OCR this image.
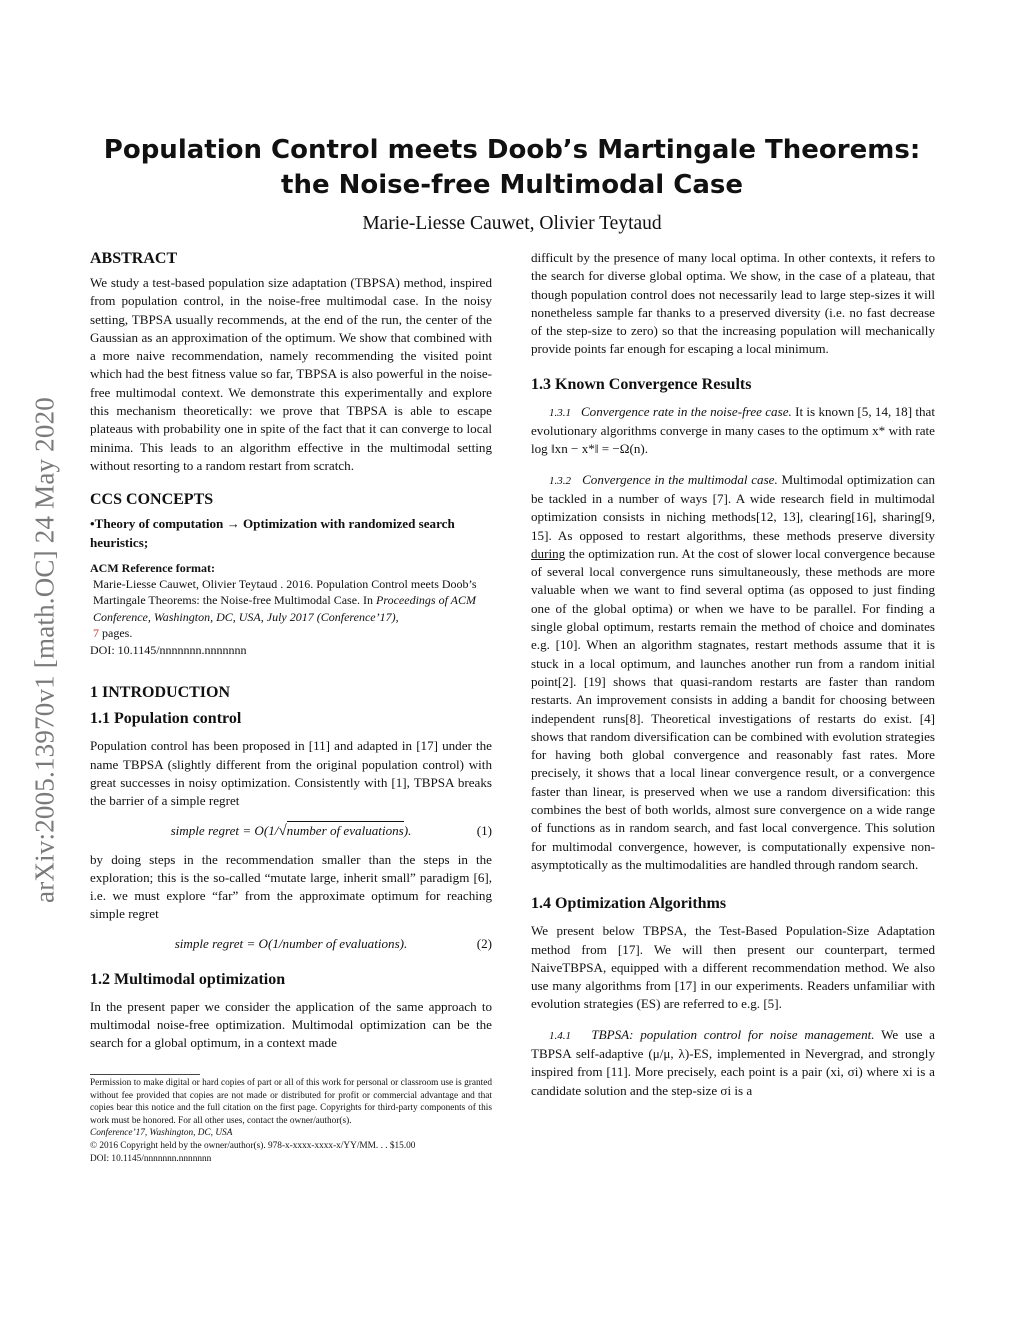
arXiv:2005.13970v1 [math.OC] 24 May 2020
Population Control meets Doob’s Martingale Theorems: the Noise-free Multimodal Case
Marie-Liesse Cauwet, Olivier Teytaud
ABSTRACT

We study a test-based population size adaptation (TBPSA) method, inspired from population control, in the noise-free multimodal case. In the noisy setting, TBPSA usually recommends, at the end of the run, the center of the Gaussian as an approximation of the optimum. We show that combined with a more naive recommendation, namely recommending the visited point which had the best fitness value so far, TBPSA is also powerful in the noise-free multimodal context. We demonstrate this experimentally and explore this mechanism theoretically: we prove that TBPSA is able to escape plateaus with probability one in spite of the fact that it can converge to local minima. This leads to an algorithm effective in the multimodal setting without resorting to a random restart from scratch.

CCS CONCEPTS
•Theory of computation → Optimization with randomized search heuristics;
ACM Reference format:
Marie-Liesse Cauwet, Olivier Teytaud . 2016. Population Control meets Doob’s Martingale Theorems: the Noise-free Multimodal Case. In Proceedings of ACM Conference, Washington, DC, USA, July 2017 (Conference’17),
7 pages.
DOI: 10.1145/nnnnnnn.nnnnnnn
1 INTRODUCTION
1.1 Population control

Population control has been proposed in [11] and adapted in [17] under the name TBPSA (slightly different from the original population control) with great successes in noisy optimization. Consistently with [1], TBPSA breaks the barrier of a simple regret

simple regret = O(1/√number of evaluations).	(1)

by doing steps in the recommendation smaller than the steps in the exploration; this is the so-called “mutate large, inherit small” paradigm [6], i.e. we must explore “far” from the approximate optimum for reaching simple regret

simple regret = O(1/number of evaluations).	(2)
1.2 Multimodal optimization

In the present paper we consider the application of the same approach to multimodal noise-free optimization. Multimodal optimization can be the search for a global optimum, in a context made

Permission to make digital or hard copies of part or all of this work for personal or classroom use is granted without fee provided that copies are not made or distributed for profit or commercial advantage and that copies bear this notice and the full citation on the first page. Copyrights for third-party components of this work must be honored. For all other uses, contact the owner/author(s).
Conference’17, Washington, DC, USA
© 2016 Copyright held by the owner/author(s). 978-x-xxxx-xxxx-x/YY/MM. . . $15.00
DOI: 10.1145/nnnnnnn.nnnnnnn

difficult by the presence of many local optima. In other contexts, it refers to the search for diverse global optima. We show, in the case of a plateau, that though population control does not necessarily lead to large step-sizes it will nonetheless sample far thanks to a preserved diversity (i.e. no fast decrease of the step-size to zero) so that the increasing population will mechanically provide points far enough for escaping a local minimum.

1.3 Known Convergence Results

1.3.1 Convergence rate in the noise-free case. It is known [5, 14, 18] that evolutionary algorithms converge in many cases to the optimum x* with rate log ‖xn − x*‖ = −Ω(n).

1.3.2 Convergence in the multimodal case. Multimodal optimization can be tackled in a number of ways [7]. A wide research field in multimodal optimization consists in niching methods[12, 13], clearing[16], sharing[9, 15]. As opposed to restart algorithms, these methods preserve diversity during the optimization run. At the cost of slower local convergence because of several local convergence runs simultaneously, these methods are more valuable when we want to find several optima (as opposed to just finding one of the global optima) or when we have to be parallel. For finding a single global optimum, restarts remain the method of choice and dominates e.g. [10]. When an algorithm stagnates, restart methods assume that it is stuck in a local optimum, and launches another run from a random initial point[2]. [19] shows that quasi-random restarts are faster than random restarts. An improvement consists in adding a bandit for choosing between independent runs[8]. Theoretical investigations of restarts do exist. [4] shows that random diversification can be combined with evolution strategies for having both global convergence and reasonably fast rates. More precisely, it shows that a local linear convergence result, or a convergence faster than linear, is preserved when we use a random diversification: this combines the best of both worlds, almost sure convergence on a wide range of functions as in random search, and fast local convergence. This solution for multimodal convergence, however, is computationally expensive non-asymptotically as the multimodalities are handled through random search.

1.4 Optimization Algorithms

We present below TBPSA, the Test-Based Population-Size Adaptation method from [17]. We will then present our counterpart, termed NaiveTBPSA, equipped with a different recommendation method. We also use many algorithms from [17] in our experiments. Readers unfamiliar with evolution strategies (ES) are referred to e.g. [5].

1.4.1 TBPSA: population control for noise management. We use a TBPSA self-adaptive (μ/μ, λ)-ES, implemented in Nevergrad, and strongly inspired from [11]. More precisely, each point is a pair (xi, σi) where xi is a candidate solution and the step-size σi is a
